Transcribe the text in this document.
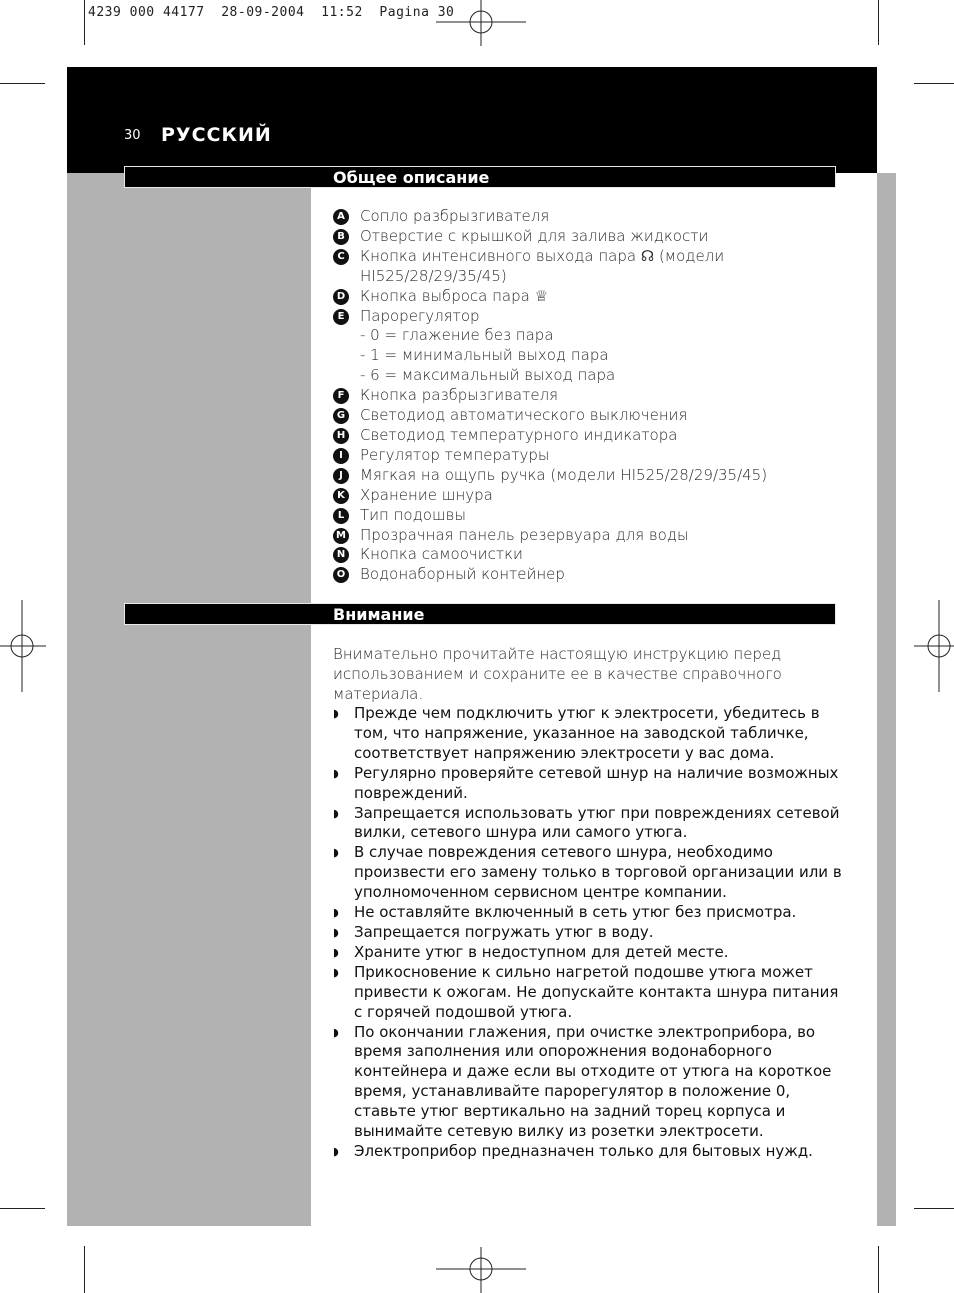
4239 000 44177  28-09-2004  11:52  Pagina 30
30 РУССКИЙ
Общее описание
A Сопло разбрызгивателя
B Отверстие с крышкой для залива жидкости
C Кнопка интенсивного выхода пара ☊ (модели
HI525/28/29/35/45)
D Кнопка выброса пара ♕
E	Парорегулятор
- 0 = глажение без пара
- 1 = минимальный выход пара
- 6 = максимальный выход пара
F	Кнопка разбрызгивателя
G Светодиод автоматического выключения
H Светодиод температурного индикатора
I	Регулятор температуры
J	Мягкая на ощупь ручка (модели HI525/28/29/35/45)
K Хранение шнура
L	Тип подошвы
M Прозрачная панель резервуара для воды
N Кнопка самоочистки
O Водонаборный контейнер
Внимание
Внимательно прочитайте настоящую инструкцию перед использованием и сохраните ее в качестве справочного материала.
◗ Прежде чем подключить утюг к электросети, убедитесь в том, что напряжение, указанное на заводской табличке, соответствует напряжению электросети у вас дома.
◗ Регулярно проверяйте сетевой шнур на наличие возможных повреждений.
◗ Запрещается использовать утюг при повреждениях сетевой вилки, сетевого шнура или самого утюга.
◗ В случае повреждения сетевого шнура, необходимо произвести его замену только в торговой организации или в уполномоченном сервисном центре компании.
◗ Не оставляйте включенный в сеть утюг без присмотра.
◗ Запрещается погружать утюг в воду.
◗ Храните утюг в недоступном для детей месте.
◗ Прикосновение к сильно нагретой подошве утюга может привести к ожогам. Не допускайте контакта шнура питания с горячей подошвой утюга.
◗ По окончании глажения, при очистке электроприбора, во время заполнения или опорожнения водонаборного контейнера и даже если вы отходите от утюга на короткое время, устанавливайте парорегулятор в положение 0, ставьте утюг вертикально на задний торец корпуса и вынимайте сетевую вилку из розетки электросети.
◗ Электроприбор предназначен только для бытовых нужд.
